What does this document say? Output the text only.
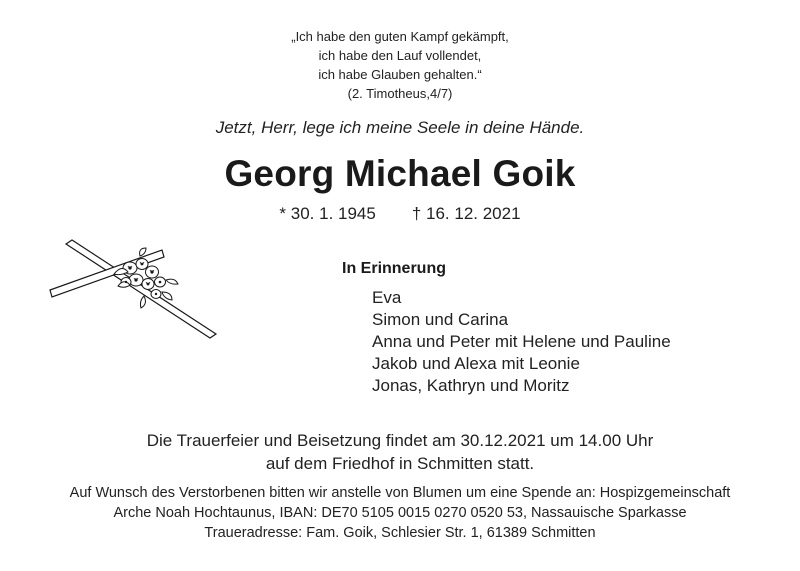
„Ich habe den guten Kampf gekämpft,
ich habe den Lauf vollendet,
ich habe Glauben gehalten.“
(2. Timotheus,4/7)
Jetzt, Herr, lege ich meine Seele in deine Hände.
Georg Michael Goik
* 30. 1. 1945 † 16. 12. 2021
In Erinnerung
Eva
Simon und Carina
Anna und Peter mit Helene und Pauline
Jakob und Alexa mit Leonie
Jonas, Kathryn und Moritz
Die Trauerfeier und Beisetzung findet am 30.12.2021 um 14.00 Uhr
auf dem Friedhof in Schmitten statt.
Auf Wunsch des Verstorbenen bitten wir anstelle von Blumen um eine Spende an: Hospizgemeinschaft
Arche Noah Hochtaunus, IBAN: DE70 5105 0015 0270 0520 53, Nassauische Sparkasse
Traueradresse: Fam. Goik, Schlesier Str. 1, 61389 Schmitten
